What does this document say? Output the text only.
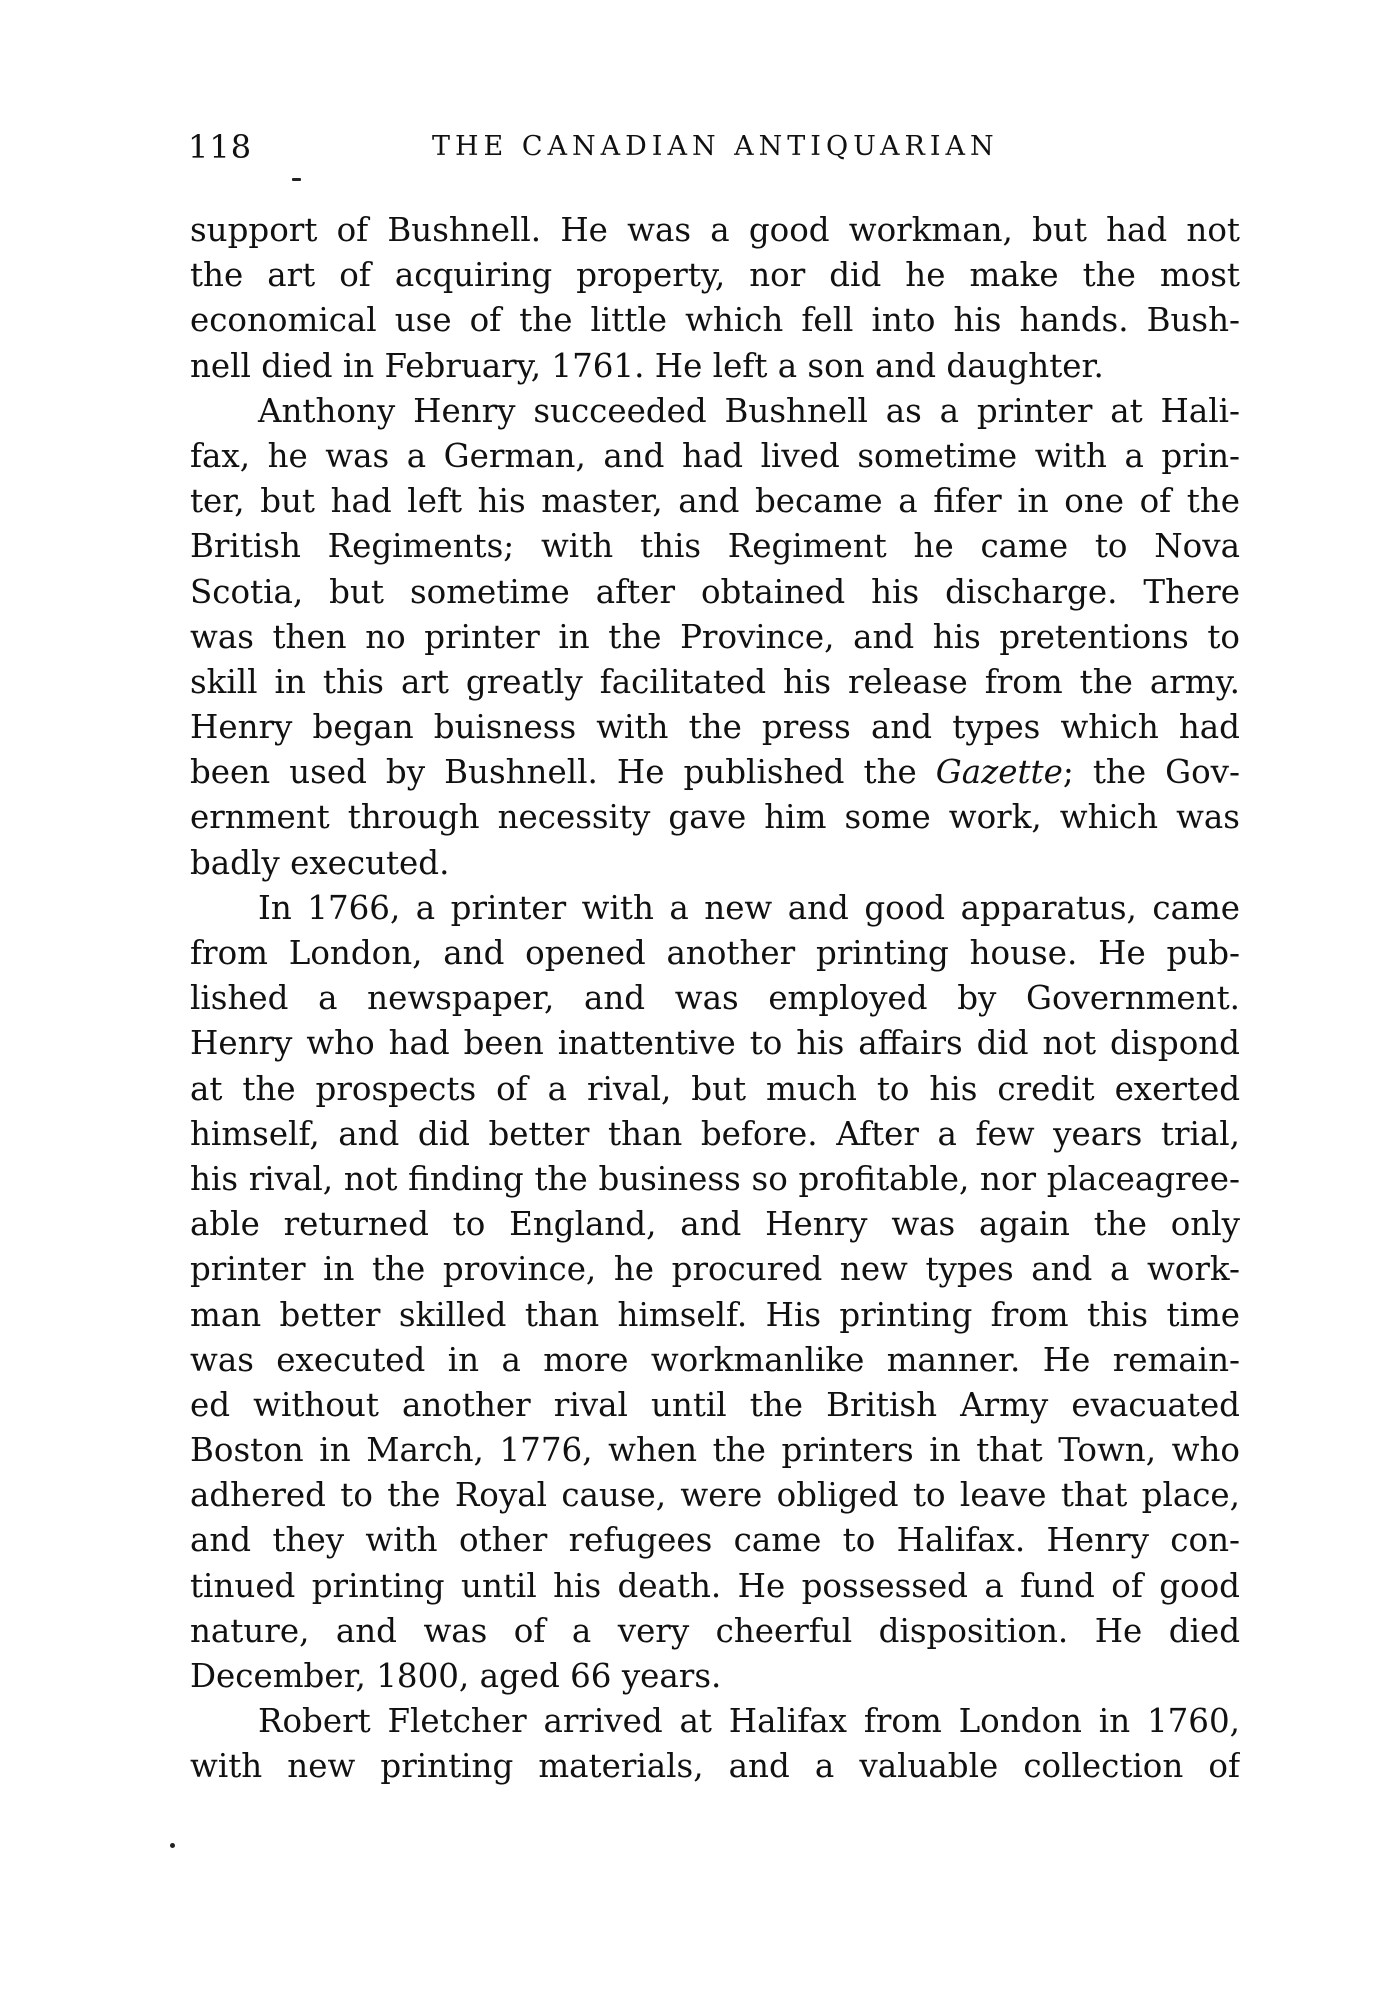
118	THE CANADIAN ANTIQUARIAN
support of Bushnell. He was a good workman, but had not
the art of acquiring property, nor did he make the most
economical use of the little which fell into his hands. Bush-
nell died in February, 1761. He left a son and daughter.
Anthony Henry succeeded Bushnell as a printer at Hali-
fax, he was a German, and had lived sometime with a prin-
ter, but had left his master, and became a fifer in one of the
British Regiments; with this Regiment he came to Nova
Scotia, but sometime after obtained his discharge. There
was then no printer in the Province, and his pretentions to
skill in this art greatly facilitated his release from the army.
Henry began buisness with the press and types which had
been used by Bushnell. He published the Gazette; the Gov-
ernment through necessity gave him some work, which was
badly executed.
In 1766, a printer with a new and good apparatus, came
from London, and opened another printing house. He pub-
lished a newspaper, and was employed by Government.
Henry who had been inattentive to his affairs did not dispond
at the prospects of a rival, but much to his credit exerted
himself, and did better than before. After a few years trial,
his rival, not finding the business so profitable, nor placeagree-
able returned to England, and Henry was again the only
printer in the province, he procured new types and a work-
man better skilled than himself. His printing from this time
was executed in a more workmanlike manner. He remain-
ed without another rival until the British Army evacuated
Boston in March, 1776, when the printers in that Town, who
adhered to the Royal cause, were obliged to leave that place,
and they with other refugees came to Halifax. Henry con-
tinued printing until his death. He possessed a fund of good
nature, and was of a very cheerful disposition. He died
December, 1800, aged 66 years.
Robert Fletcher arrived at Halifax from London in 1760,
with new printing materials, and a valuable collection of
